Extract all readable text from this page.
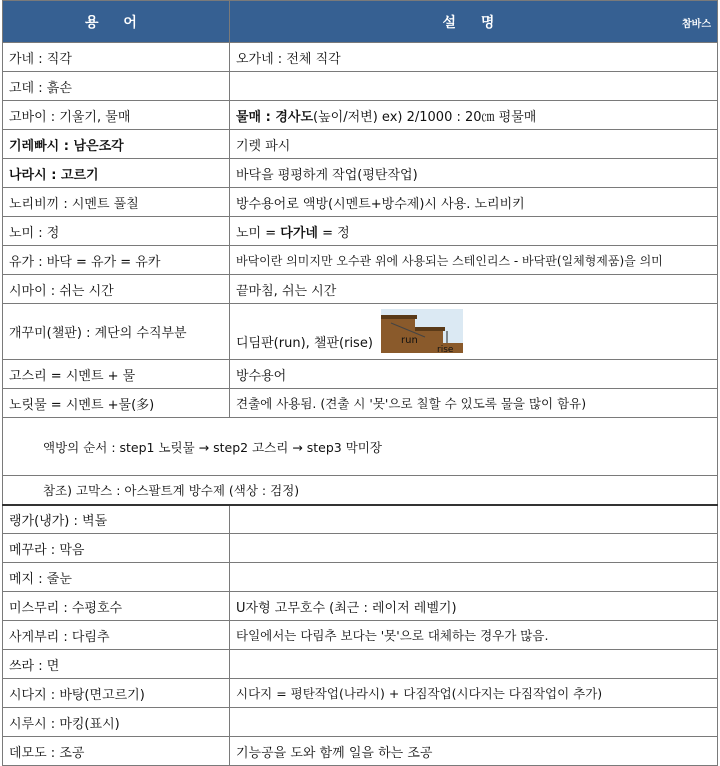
용 어	설 명 참바스

가네 : 직각	오가네 : 전체 직각
고데 : 흙손	
고바이 : 기울기, 물매	물매 : 경사도(높이/저변) ex) 2/1000 : 20㎝ 평물매
기레빠시 : 남은조각	기렛 파시
나라시 : 고르기	바닥을 평평하게 작업(평탄작업)
노리비끼 : 시멘트 풀칠	방수용어로 액방(시멘트+방수제)시 사용. 노리비키
노미 : 정	노미 = 다가네 = 정
유가 : 바닥 = 유가 = 유카	바닥이란 의미지만 오수관 위에 사용되는 스테인리스 - 바닥판(일체형제품)을 의미
시마이 : 쉬는 시간	끝마침, 쉬는 시간
개꾸미(챌판) : 계단의 수직부분	디딤판(run), 챌판(rise) run
rise

고스리 = 시멘트 + 물	방수용어
노릿물 = 시멘트 +물(多)	견출에 사용됨. (견출 시 '못'으로 칠할 수 있도록 물을 많이 함유)
액방의 순서 : step1 노릿물 → step2 고스리 → step3 막미장	
참조) 고막스 : 아스팔트계 방수제 (색상 : 검정)	
랭가(냉가) : 벽돌	
메꾸라 : 막음	
메지 : 줄눈	
미스무리 : 수평호수	U자형 고무호수 (최근 : 레이저 레벨기)
사게부리 : 다림추	타일에서는 다림추 보다는 '못'으로 대체하는 경우가 많음.
쓰라 : 면	
시다지 : 바탕(면고르기)	시다지 = 평탄작업(나라시) + 다짐작업(시다지는 다짐작업이 추가)
시루시 : 마킹(표시)	
데모도 : 조공	기능공을 도와 함께 일을 하는 조공
